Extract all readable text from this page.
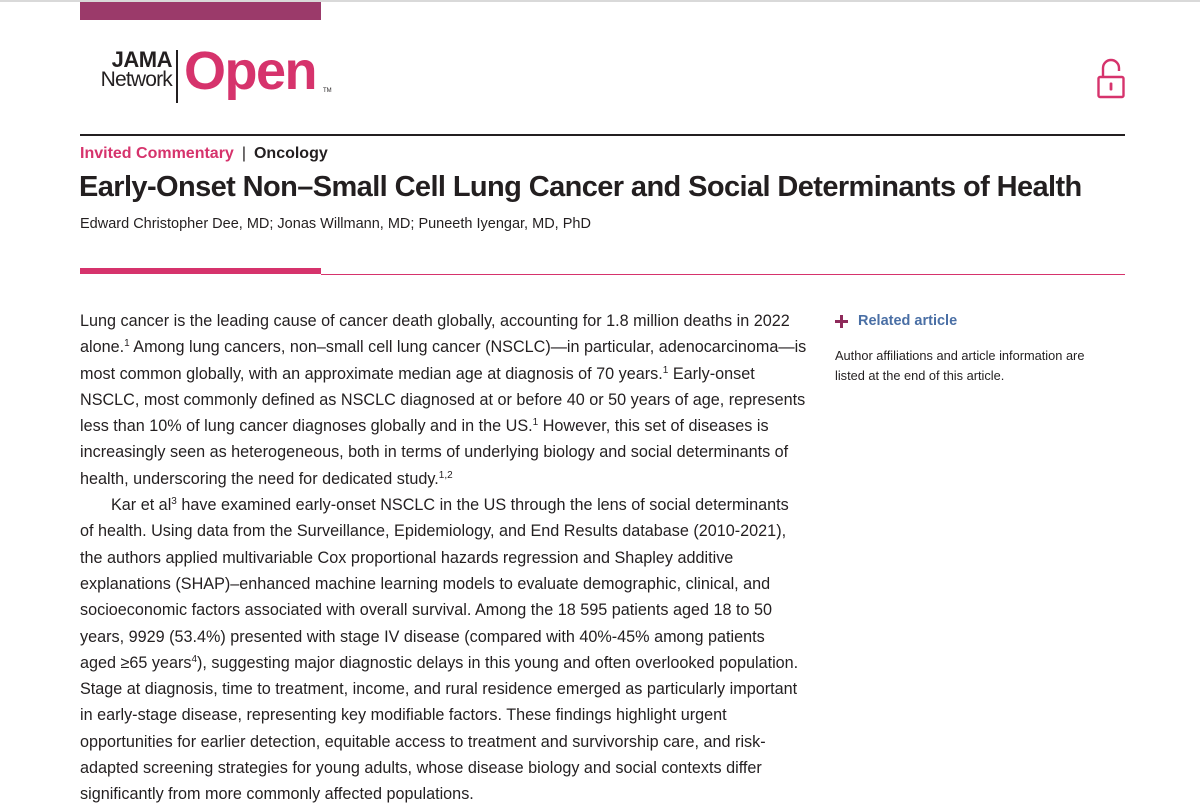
JAMA
Network Open TM
Invited Commentary | Oncology
Early-Onset Non–Small Cell Lung Cancer and Social Determinants of Health
Edward Christopher Dee, MD; Jonas Willmann, MD; Puneeth Iyengar, MD, PhD
Lung cancer is the leading cause of cancer death globally, accounting for 1.8 million deaths in 2022
alone.$^1$ Among lung cancers, non–small cell lung cancer (NSCLC)—in particular, adenocarcinoma—is
most common globally, with an approximate median age at diagnosis of 70 years.$^1$ Early-onset
NSCLC, most commonly defined as NSCLC diagnosed at or before 40 or 50 years of age, represents
less than 10% of lung cancer diagnoses globally and in the US.$^1$ However, this set of diseases is
increasingly seen as heterogeneous, both in terms of underlying biology and social determinants of
health, underscoring the need for dedicated study.$^{1,2}$
Kar et $al^3$ have examined early-onset NSCLC in the US through the lens of social determinants
of health. Using data from the Surveillance, Epidemiology, and End Results database (2010-2021),
the authors applied multivariable Cox proportional hazards regression and Shapley additive
explanations (SHAP)–enhanced machine learning models to evaluate demographic, clinical, and
socioeconomic factors associated with overall survival. Among the 18 595 patients aged 18 to 50
years, 9929 (53.4%) presented with stage IV disease (compared with 40%-45% among patients
aged ≥65 years$^4$), suggesting major diagnostic delays in this young and often overlooked population.
Stage at diagnosis, time to treatment, income, and rural residence emerged as particularly important
in early-stage disease, representing key modifiable factors. These findings highlight urgent
opportunities for earlier detection, equitable access to treatment and survivorship care, and risk-
adapted screening strategies for young adults, whose disease biology and social contexts differ
significantly from more commonly affected populations.
Related article
Author affiliations and article information are
listed at the end of this article.
